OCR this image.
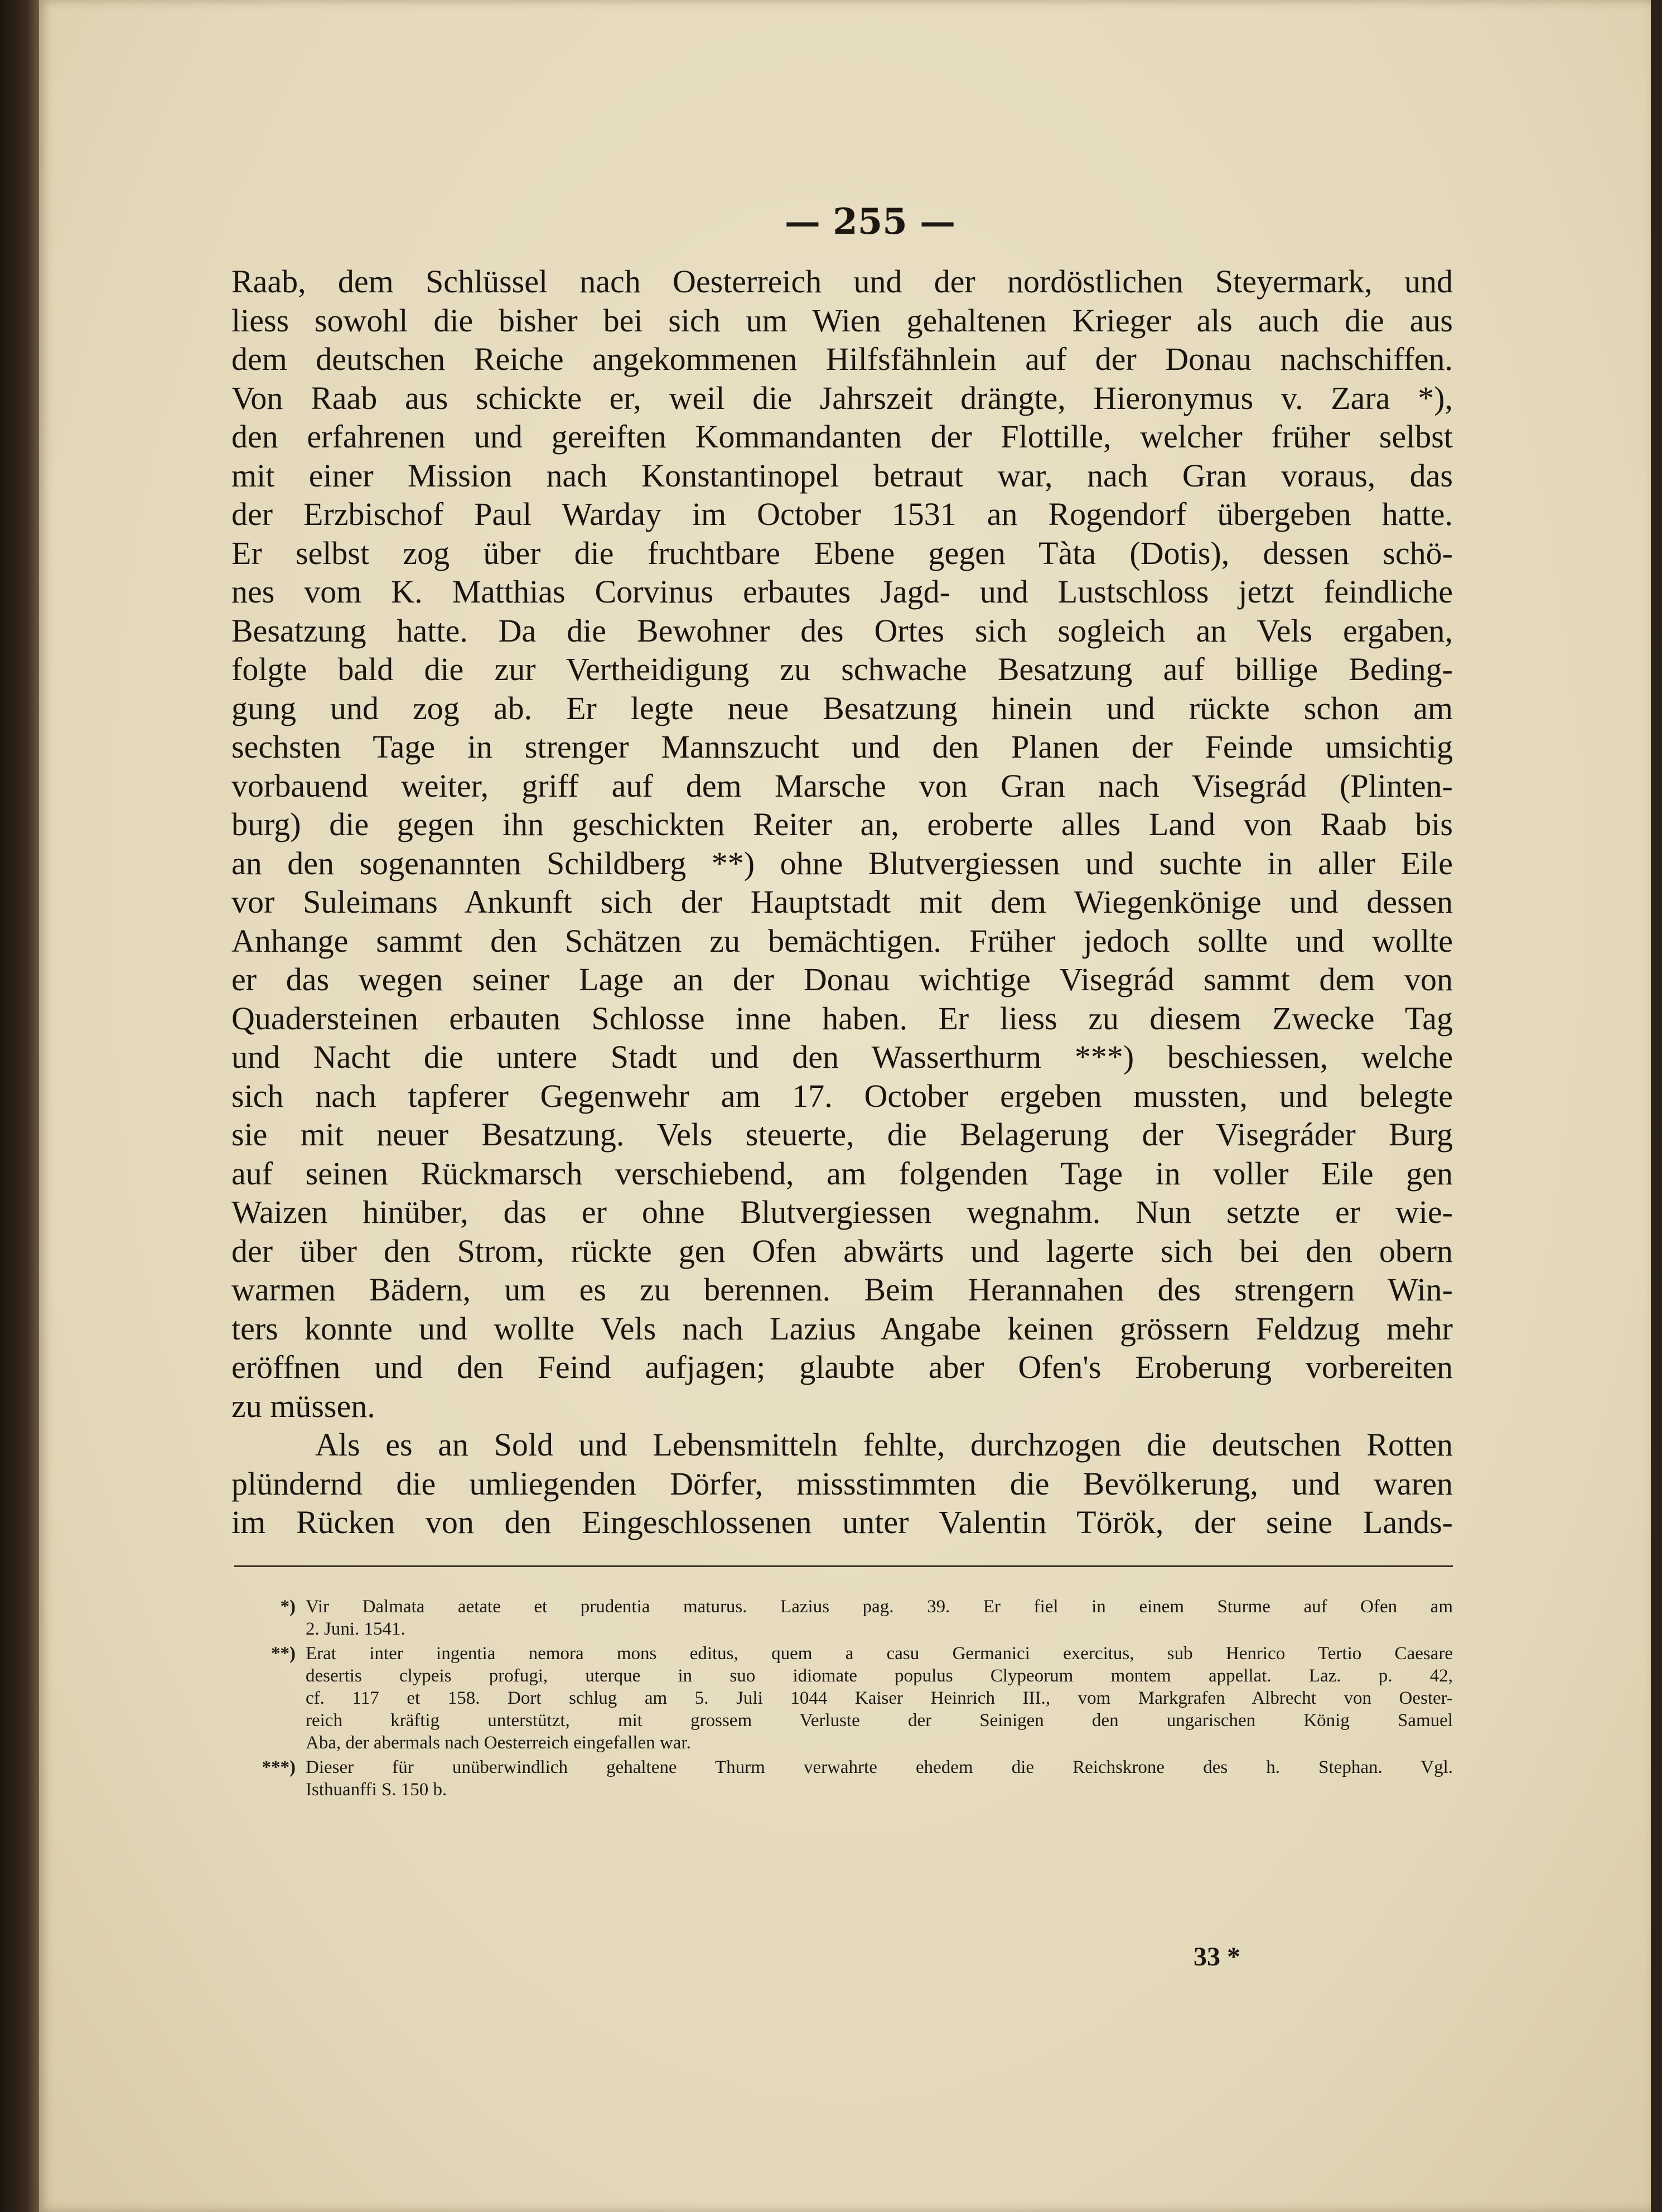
— 255 —
Raab, dem Schlüssel nach Oesterreich und der nordöstlichen Steyermark, und
liess sowohl die bisher bei sich um Wien gehaltenen Krieger als auch die aus
dem deutschen Reiche angekommenen Hilfsfähnlein auf der Donau nachschiffen.
Von Raab aus schickte er, weil die Jahrszeit drängte, Hieronymus v. Zara *),
den erfahrenen und gereiften Kommandanten der Flottille, welcher früher selbst
mit einer Mission nach Konstantinopel betraut war, nach Gran voraus, das
der Erzbischof Paul Warday im October 1531 an Rogendorf übergeben hatte.
Er selbst zog über die fruchtbare Ebene gegen Tàta (Dotis), dessen schö-
nes vom K. Matthias Corvinus erbautes Jagd- und Lustschloss jetzt feindliche
Besatzung hatte. Da die Bewohner des Ortes sich sogleich an Vels ergaben,
folgte bald die zur Vertheidigung zu schwache Besatzung auf billige Beding-
gung und zog ab. Er legte neue Besatzung hinein und rückte schon am
sechsten Tage in strenger Mannszucht und den Planen der Feinde umsichtig
vorbauend weiter, griff auf dem Marsche von Gran nach Visegrád (Plinten-
burg) die gegen ihn geschickten Reiter an, eroberte alles Land von Raab bis
an den sogenannten Schildberg **) ohne Blutvergiessen und suchte in aller Eile
vor Suleimans Ankunft sich der Hauptstadt mit dem Wiegenkönige und dessen
Anhange sammt den Schätzen zu bemächtigen. Früher jedoch sollte und wollte
er das wegen seiner Lage an der Donau wichtige Visegrád sammt dem von
Quadersteinen erbauten Schlosse inne haben. Er liess zu diesem Zwecke Tag
und Nacht die untere Stadt und den Wasserthurm ***) beschiessen, welche
sich nach tapferer Gegenwehr am 17. October ergeben mussten, und belegte
sie mit neuer Besatzung. Vels steuerte, die Belagerung der Visegráder Burg
auf seinen Rückmarsch verschiebend, am folgenden Tage in voller Eile gen
Waizen hinüber, das er ohne Blutvergiessen wegnahm. Nun setzte er wie-
der über den Strom, rückte gen Ofen abwärts und lagerte sich bei den obern
warmen Bädern, um es zu berennen. Beim Herannahen des strengern Win-
ters konnte und wollte Vels nach Lazius Angabe keinen grössern Feldzug mehr
eröffnen und den Feind aufjagen; glaubte aber Ofen's Eroberung vorbereiten
zu müssen.
Als es an Sold und Lebensmitteln fehlte, durchzogen die deutschen Rotten
plündernd die umliegenden Dörfer, missstimmten die Bevölkerung, und waren
im Rücken von den Eingeschlossenen unter Valentin Török, der seine Lands-
*) Vir Dalmata aetate et prudentia maturus. Lazius pag. 39. Er fiel in einem Sturme auf Ofen am
2. Juni. 1541.
**) Erat inter ingentia nemora mons editus, quem a casu Germanici exercitus, sub Henrico Tertio Caesare
desertis clypeis profugi, uterque in suo idiomate populus Clypeorum montem appellat. Laz. p. 42,
cf. 117 et 158. Dort schlug am 5. Juli 1044 Kaiser Heinrich III., vom Markgrafen Albrecht von Oester-
reich kräftig unterstützt, mit grossem Verluste der Seinigen den ungarischen König Samuel
Aba, der abermals nach Oesterreich eingefallen war.
***) Dieser für unüberwindlich gehaltene Thurm verwahrte ehedem die Reichskrone des h. Stephan. Vgl.
Isthuanffi S. 150 b.
33 *
